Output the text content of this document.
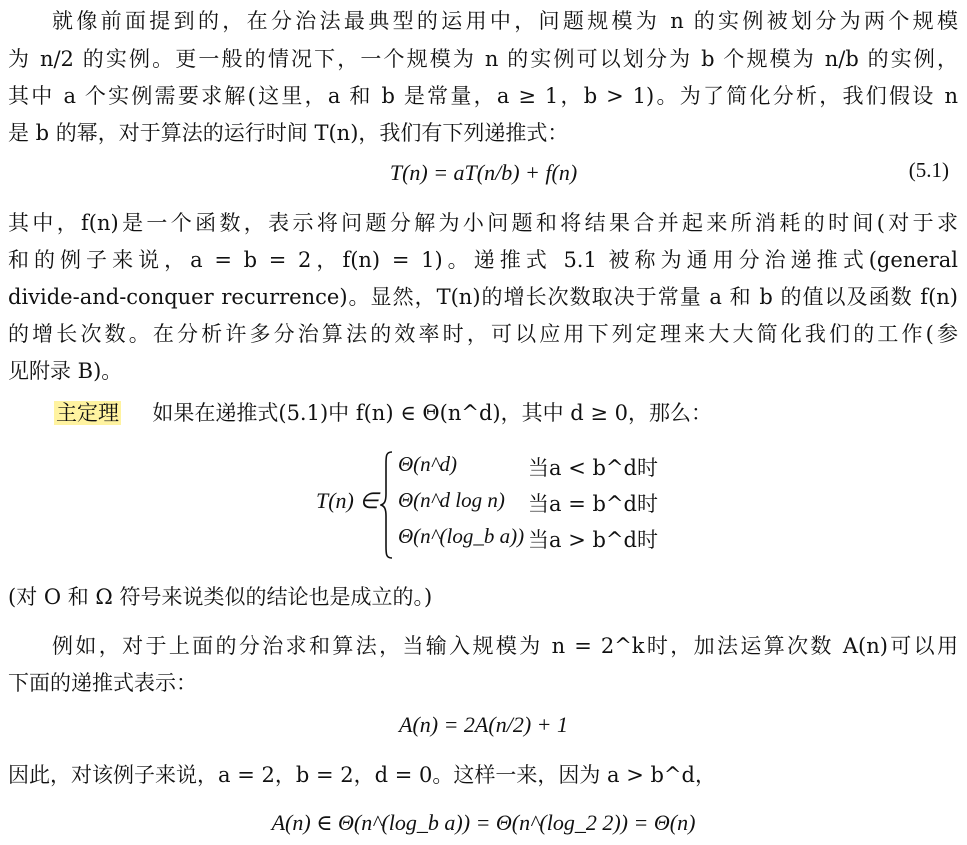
就像前面提到的，在分治法最典型的运用中，问题规模为 n 的实例被划分为两个规模
为 n/2 的实例。更一般的情况下，一个规模为 n 的实例可以划分为 b 个规模为 n/b 的实例，
其中 a 个实例需要求解(这里，a 和 b 是常量，a ≥ 1，b > 1)。为了简化分析，我们假设 n
是 b 的幂，对于算法的运行时间 T(n)，我们有下列递推式：
T(n) = aT(n/b) + f(n)	(5.1)
其中，f(n)是一个函数，表示将问题分解为小问题和将结果合并起来所消耗的时间(对于求
和的例子来说，a = b = 2，f(n) = 1)。递推式 5.1 被称为通用分治递推式(general
divide-and-conquer recurrence)。显然，T(n)的增长次数取决于常量 a 和 b 的值以及函数 f(n)
的增长次数。在分析许多分治算法的效率时，可以应用下列定理来大大简化我们的工作(参
见附录 B)。
主定理 如果在递推式(5.1)中 f(n) ∈ Θ(n^d)，其中 d ≥ 0，那么：
T(n) ∈
Θ(n^d)	当a < b^d时
Θ(n^d log n) 当a = b^d时
Θ(n^(log_b a)) 当a > b^d时
(对 O 和 Ω 符号来说类似的结论也是成立的。)
例如，对于上面的分治求和算法，当输入规模为 n = 2^k时，加法运算次数 A(n)可以用
下面的递推式表示：
A(n) = 2A(n/2) + 1
因此，对该例子来说，a = 2，b = 2，d = 0。这样一来，因为 a > b^d，
A(n) ∈ Θ(n^(log_b a)) = Θ(n^(log_2 2)) = Θ(n)
